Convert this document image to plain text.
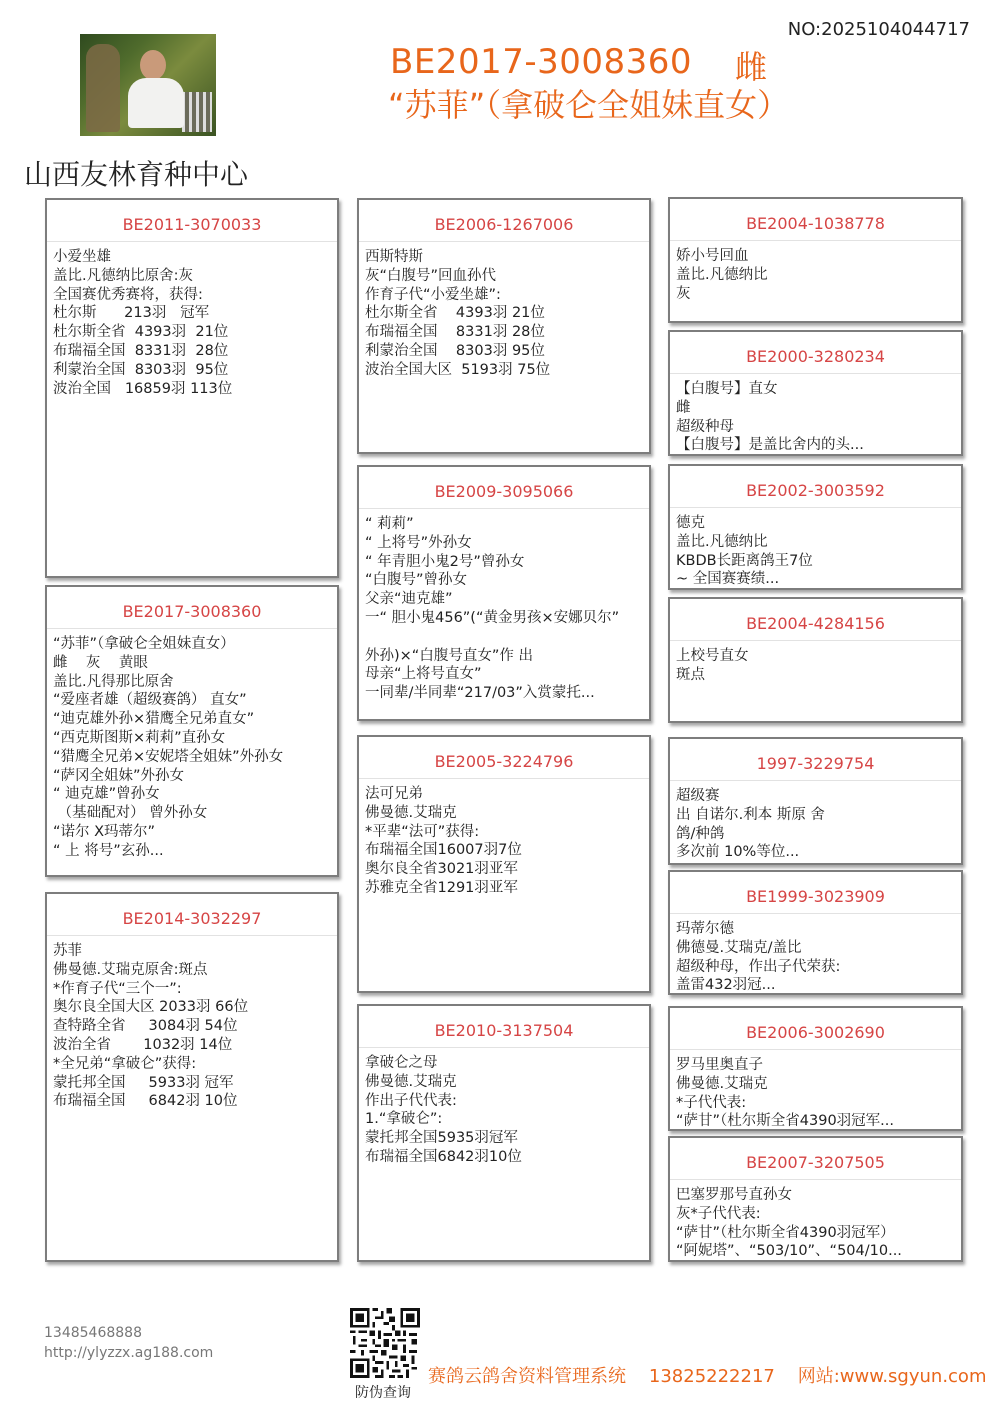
NO:2025104044717
BE2017-3008360 雌
“苏菲”（拿破仑全姐妹直女）
山西友林育种中心
BE2011-3070033
小爱坐雄
盖比.凡德纳比原舍:灰
全国赛优秀赛将，获得:
杜尔斯      213羽   冠军
杜尔斯全省  4393羽  21位
布瑞福全国  8331羽  28位
利蒙治全国  8303羽  95位
波治全国   16859羽 113位
BE2017-3008360
“苏菲”（拿破仑全姐妹直女）
雌    灰    黄眼
盖比.凡得那比原舍
“爱座者雄（超级赛鸽） 直女”
“迪克雄外孙×猎鹰全兄弟直女”
“西克斯图斯×莉莉”直孙女
“猎鹰全兄弟×安妮塔全姐妹”外孙女
“萨冈全姐妹”外孙女
“ 迪克雄”曾孙女
（基础配对） 曾外孙女
“诺尔 X玛蒂尔”
“ 上 将号”玄孙...
BE2014-3032297
苏菲
佛曼德.艾瑞克原舍:斑点
*作育子代“三个一”:
奥尔良全国大区 2033羽 66位
查特路全省     3084羽 54位
波治全省       1032羽 14位
*全兄弟“拿破仑”获得:
蒙托邦全国     5933羽 冠军
布瑞福全国     6842羽 10位
BE2006-1267006
西斯特斯
灰“白腹号”回血孙代
作育子代“小爱坐雄”:
杜尔斯全省    4393羽 21位
布瑞福全国    8331羽 28位
利蒙治全国    8303羽 95位
波治全国大区  5193羽 75位
BE2009-3095066
“ 莉莉”
“ 上将号”外孙女
“ 年青胆小鬼2号”曾孙女
“白腹号”曾孙女
父亲“迪克雄”
一“ 胆小鬼456”(“黄金男孩×安娜贝尔”

外孙)×“白腹号直女”作 出
母亲“上将号直女”
一同辈/半同辈“217/03”入赏蒙托...
BE2005-3224796
法可兄弟
佛曼德.艾瑞克
*平辈“法可”获得:
布瑞福全国16007羽7位
奥尔良全省3021羽亚军
苏雅克全省1291羽亚军
BE2010-3137504
拿破仑之母
佛曼德.艾瑞克
作出子代代表:
1.“拿破仑”:
蒙托邦全国5935羽冠军
布瑞福全国6842羽10位
BE2004-1038778
娇小号回血
盖比.凡德纳比
灰
BE2000-3280234
【白腹号】直女
雌
超级种母
【白腹号】是盖比舍内的头...
BE2002-3003592
德克
盖比.凡德纳比
KBDB长距离鸽王7位
~ 全国赛赛绩...
BE2004-4284156
上校号直女
斑点
1997-3229754
超级赛
出 自诺尔.利本 斯原 舍
鸽/种鸽
多次前 10%等位...
BE1999-3023909
玛蒂尔德
佛德曼.艾瑞克/盖比
超级种母，作出子代荣获:
盖雷432羽冠...
BE2006-3002690
罗马里奥直子
佛曼德.艾瑞克
*子代代表:
“萨甘”（杜尔斯全省4390羽冠军...
BE2007-3207505
巴塞罗那号直孙女
灰*子代代表:
“萨甘”（杜尔斯全省4390羽冠军）
“阿妮塔”、“503/10”、“504/10...
13485468888
http://ylyzzx.ag188.com
防伪查询
赛鸽云鸽舍资料管理系统    13825222217    网站:www.sgyun.com
